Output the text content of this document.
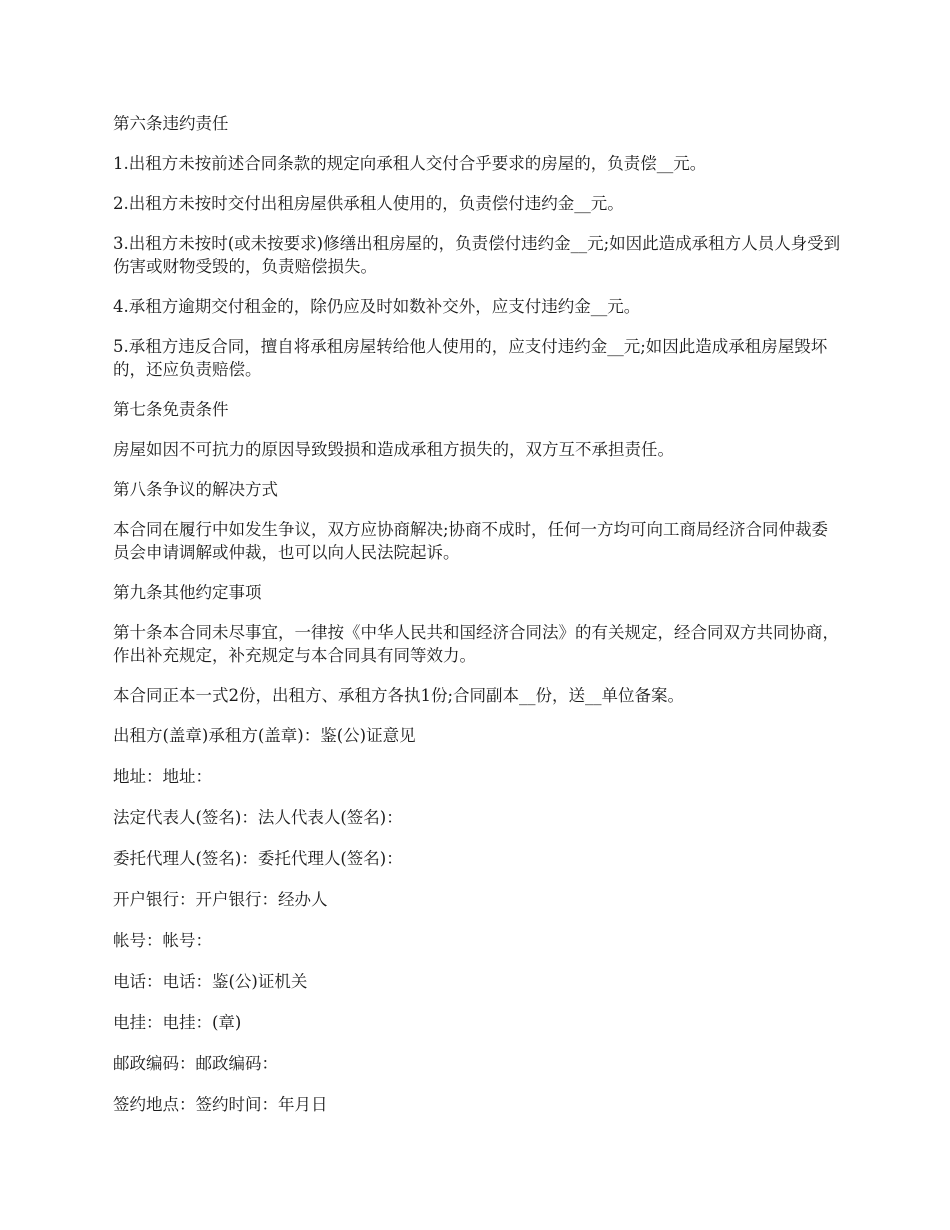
第六条违约责任

1.出租方未按前述合同条款的规定向承租人交付合乎要求的房屋的，负责偿__元。

2.出租方未按时交付出租房屋供承租人使用的，负责偿付违约金__元。

3.出租方未按时(或未按要求)修缮出租房屋的，负责偿付违约金__元;如因此造成承租方人员人身受到伤害或财物受毁的，负责赔偿损失。

4.承租方逾期交付租金的，除仍应及时如数补交外，应支付违约金__元。

5.承租方违反合同，擅自将承租房屋转给他人使用的，应支付违约金__元;如因此造成承租房屋毁坏的，还应负责赔偿。

第七条免责条件

房屋如因不可抗力的原因导致毁损和造成承租方损失的，双方互不承担责任。

第八条争议的解决方式

本合同在履行中如发生争议，双方应协商解决;协商不成时，任何一方均可向工商局经济合同仲裁委员会申请调解或仲裁，也可以向人民法院起诉。

第九条其他约定事项

第十条本合同未尽事宜，一律按《中华人民共和国经济合同法》的有关规定，经合同双方共同协商，作出补充规定，补充规定与本合同具有同等效力。

本合同正本一式2份，出租方、承租方各执1份;合同副本__份，送__单位备案。

出租方(盖章)承租方(盖章)：鉴(公)证意见

地址：地址：

法定代表人(签名)：法人代表人(签名)：

委托代理人(签名)：委托代理人(签名)：

开户银行：开户银行：经办人

帐号：帐号：

电话：电话：鉴(公)证机关

电挂：电挂：(章)

邮政编码：邮政编码：

签约地点：签约时间：年月日
